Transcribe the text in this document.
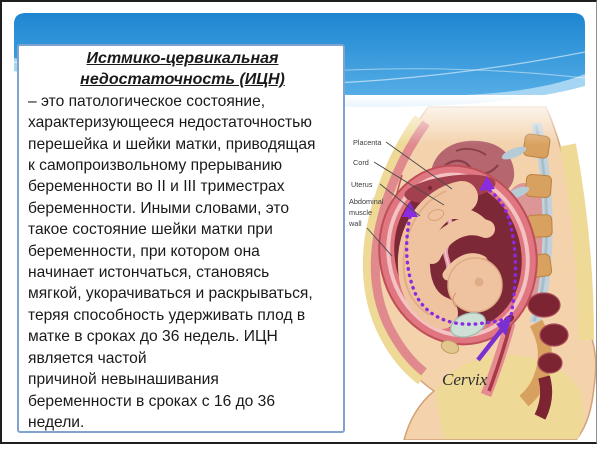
Placenta
Cord
Uterus
Abdominal
muscle
wall
Cervix
Истмико-цервикальная
недостаточность (ИЦН)
– это патологическое состояние,
характеризующееся недостаточностью
перешейка и шейки матки, приводящая
к самопроизвольному прерыванию
беременности во II и III триместрах
беременности. Иными словами, это
такое состояние шейки матки при
беременности, при котором она
начинает истончаться, становясь
мягкой, укорачиваться и раскрываться,
теряя способность удерживать плод в
матке в сроках до 36 недель. ИЦН
является частой
причиной невынашивания
беременности в сроках с 16 до 36
недели.
